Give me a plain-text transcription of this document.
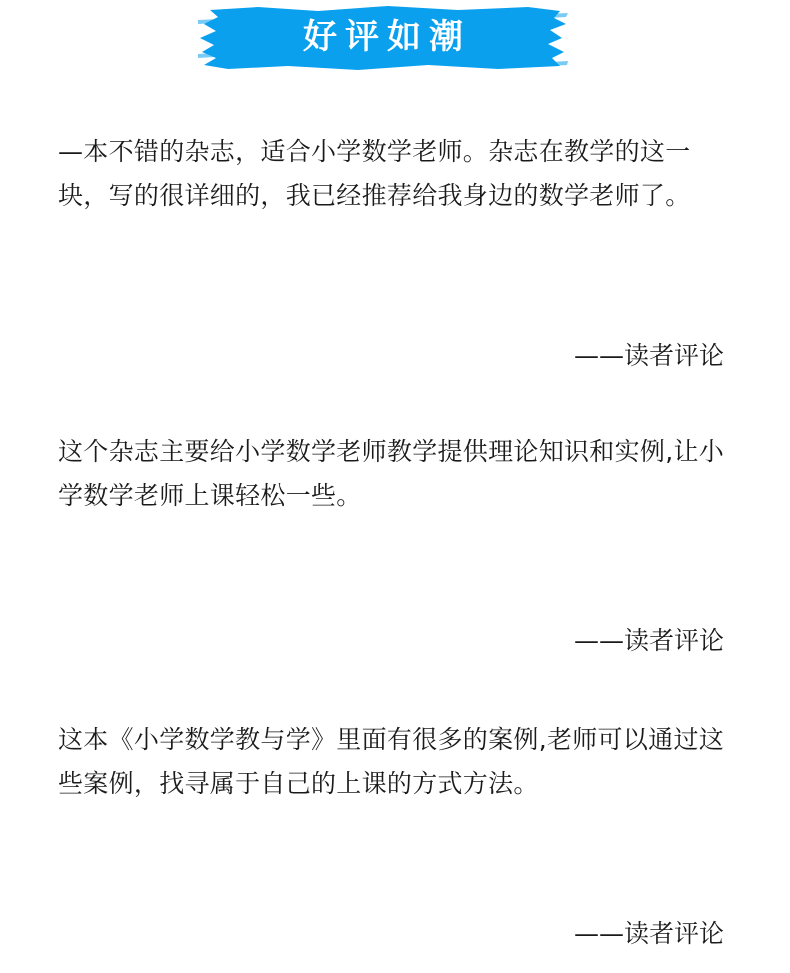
好评如潮

—本不错的杂志，适合小学数学老师。杂志在教学的这一块，写的很详细的，我已经推荐给我身边的数学老师了。

——读者评论

这个杂志主要给小学数学老师教学提供理论知识和实例,让小学数学老师上课轻松一些。

——读者评论

这本《小学数学教与学》里面有很多的案例,老师可以通过这些案例，找寻属于自己的上课的方式方法。

——读者评论
